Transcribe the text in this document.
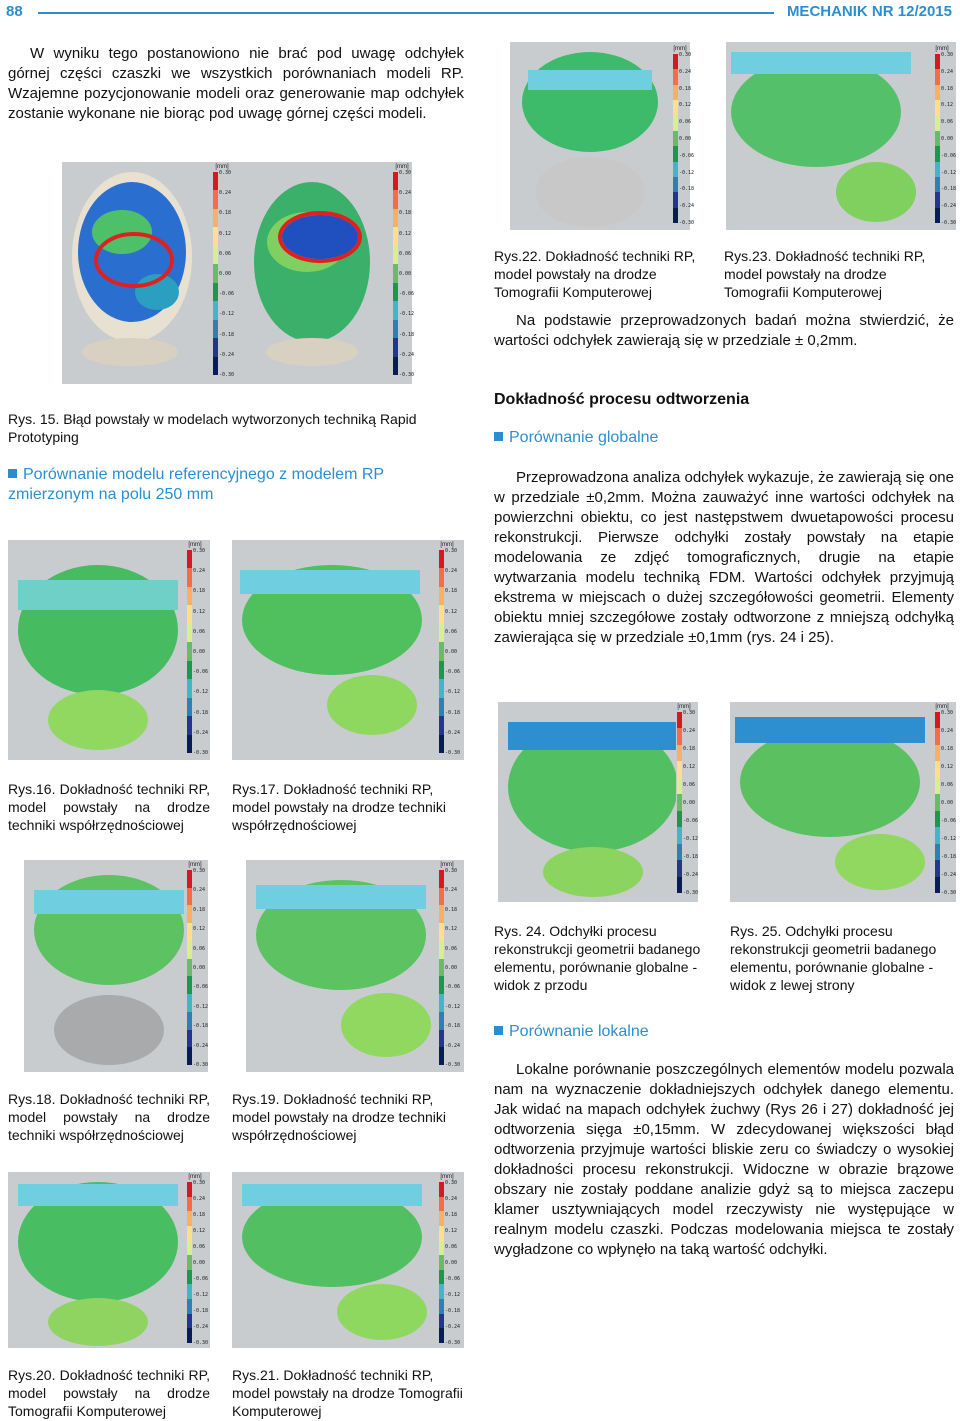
88	MECHANIK NR 12/2015
W wyniku tego postanowiono nie brać pod uwagę odchyłek górnej części czaszki we wszystkich porównaniach modeli RP. Wzajemne pozycjonowanie modeli oraz generowanie map odchyłek zostanie wykonane nie biorąc pod uwagę górnej części modeli.
Rys.22. Dokładność techniki RP, model powstały na drodze Tomografii Komputerowej
Rys.23. Dokładność techniki RP, model powstały na drodze Tomografii Komputerowej
Na podstawie przeprowadzonych badań można stwierdzić, że wartości odchyłek zawierają się w przedziale ± 0,2mm.
Rys. 15. Błąd powstały w modelach wytworzonych techniką Rapid Prototyping
Dokładność procesu odtworzenia
Porównanie globalne
Porównanie modelu referencyjnego z modelem RP zmierzonym na polu 250 mm
Przeprowadzona analiza odchyłek wykazuje, że zawierają się one w przedziale ±0,2mm. Można zauważyć inne wartości odchyłek na powierzchni obiektu, co jest następstwem dwuetapowości procesu rekonstrukcji. Pierwsze odchyłki zostały powstały na etapie modelowania ze zdjęć tomograficznych, drugie na etapie wytwarzania modelu techniką FDM. Wartości odchyłek przyjmują ekstrema w miejscach o dużej szczegółowości geometrii. Elementy obiektu mniej szczegółowe zostały odtworzone z mniejszą odchyłką zawierająca się w przedziale ±0,1mm (rys. 24 i 25).
Rys.16. Dokładność techniki RP, model powstały na drodze techniki współrzędnościowej
Rys.17. Dokładność techniki RP, model powstały na drodze techniki współrzędnościowej
Rys. 24. Odchyłki procesu rekonstrukcji geometrii badanego elementu, porównanie globalne - widok z przodu
Rys. 25. Odchyłki procesu rekonstrukcji geometrii badanego elementu, porównanie globalne - widok z lewej strony
Porównanie lokalne
Lokalne porównanie poszczególnych elementów modelu pozwala nam na wyznaczenie dokładniejszych odchyłek danego elementu. Jak widać na mapach odchyłek żuchwy (Rys 26 i 27) dokładność jej odtworzenia sięga ±0,15mm. W zdecydowanej większości błąd odtworzenia przyjmuje wartości bliskie zeru co świadczy o wysokiej dokładności procesu rekonstrukcji. Widoczne w obrazie brązowe obszary nie zostały poddane analizie gdyż są to miejsca zaczepu klamer usztywniających model rzeczywisty nie występujące w realnym modelu czaszki. Podczas modelowania miejsca te zostały wygładzone co wpłynęło na taką wartość odchyłki.
Rys.18. Dokładność techniki RP, model powstały na drodze techniki współrzędnościowej
Rys.19. Dokładność techniki RP, model powstały na drodze techniki współrzędnościowej
Rys.20. Dokładność techniki RP, model powstały na drodze Tomografii Komputerowej
Rys.21. Dokładność techniki RP, model powstały na drodze Tomografii Komputerowej
[mm]
0.30
0.24
0.18
0.12
0.06
0.00
-0.06
-0.12
-0.18
-0.24
-0.30
[mm]
0.30
0.24
0.18
0.12
0.06
0.00
-0.06
-0.12
-0.18
-0.24
-0.30
[mm]
0.30
0.24
0.18
0.12
0.06
0.00
-0.06
-0.12
-0.18
-0.24
-0.30
[mm]
0.30
0.24
0.18
0.12
0.06
0.00
-0.06
-0.12
-0.18
-0.24
-0.30
[mm]
0.30
0.24
0.18
0.12
0.06
0.00
-0.06
-0.12
-0.18
-0.24
-0.30
[mm]
0.30
0.24
0.18
0.12
0.06
0.00
-0.06
-0.12
-0.18
-0.24
-0.30
[mm]
0.30
0.24
0.18
0.12
0.06
0.00
-0.06
-0.12
-0.18
-0.24
-0.30
[mm]
0.30
0.24
0.18
0.12
0.06
0.00
-0.06
-0.12
-0.18
-0.24
-0.30
[mm]
0.30
0.24
0.18
0.12
0.06
0.00
-0.06
-0.12
-0.18
-0.24
-0.30
[mm]
0.30
0.24
0.18
0.12
0.06
0.00
-0.06
-0.12
-0.18
-0.24
-0.30
[mm]
0.30
0.24
0.18
0.12
0.06
0.00
-0.06
-0.12
-0.18
-0.24
-0.30
[mm]
0.30
0.24
0.18
0.12
0.06
0.00
-0.06
-0.12
-0.18
-0.24
-0.30
